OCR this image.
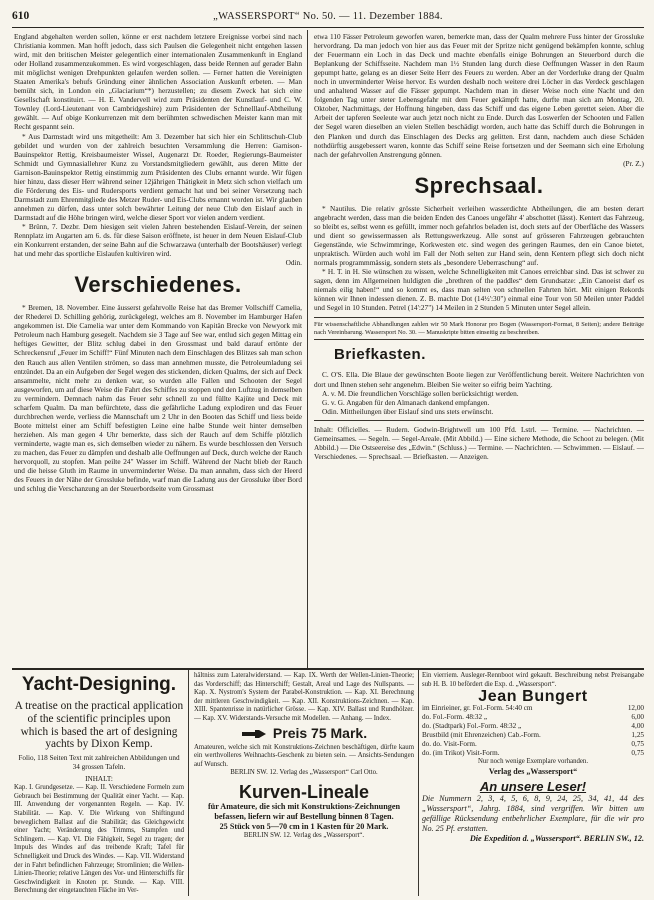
610	„WASSERSPORT“ No. 50. — 11. Dezember 1884.

England abgehalten werden sollen, könne er erst nachdem letztere Ereignisse vorbei sind nach Christiania kommen. Man hofft jedoch, dass sich Paulsen die Gelegenheit nicht entgehen lassen wird, mit den britischen Meister gelegentlich einer internationalen Zusammenkunft in England oder Holland zusammenzukommen. Es wird vorgeschlagen, dass beide Rennen auf gerader Bahn mit möglichst wenigen Drehpunkten gelaufen werden sollen. — Ferner hatten die Vereinigten Staaten Amerika's behufs Gründung einer ähnlichen Association Auskunft erbeten. — Man bemüht sich, in London ein „Glaciarium“*) herzustellen; zu diesem Zweck hat sich eine Gesellschaft konstituirt. — H. E. Vandervell wird zum Präsidenten der Kunstlauf- und C. W. Townley (Lord-Lieutenant von Cambridgeshire) zum Präsidenten der Schnelllauf-Abtheilung gewählt. — Auf obige Konkurrenzen mit dem berühmten schwedischen Meister kann man mit Recht gespannt sein.

* Aus Darmstadt wird uns mitgetheilt: Am 3. Dezember hat sich hier ein Schlittschuh-Club gebildet und wurden von der zahlreich besuchten Versammlung die Herren: Garnison-Bauinspektor Rettig, Kreisbaumeister Wissel, Augenarzt Dr. Roeder, Regierungs-Baumeister Schmidt und Gymnasiallehrer Kunz zu Vorstandsmitgliedern gewählt, aus deren Mitte der Garnison-Bauinspektor Rettig einstimmig zum Präsidenten des Clubs ernannt wurde. Wir fügen hier hinzu, dass dieser Herr während seiner 12jährigen Thätigkeit in Metz sich schon vielfach um die Förderung des Eis- und Rudersports verdient gemacht hat und bei seiner Versetzung nach Darmstadt zum Ehrenmitgliede des Metzer Ruder- und Eis-Clubs ernannt worden ist. Wir glauben annehmen zu dürfen, dass unter solch bewährter Leitung der neue Club den Eislauf auch in Darmstadt auf die Höhe bringen wird, welche dieser Sport vor vielen andern verdient.

* Brünn, 7. Dezbr. Dem hiesigen seit vielen Jahren bestehenden Eislauf-Verein, der seinen Rennplatz im Augarten am 6. ds. für diese Saison eröffnete, ist heuer in dem Neuen Eislauf-Club ein Konkurrent erstanden, der seine Bahn auf die Schwarzawa (unterhalb der Bootshäuser) verlegt hat und mehr das sportliche Eislaufen kultiviren wird.

Odin.
Verschiedenes.

* Bremen, 18. November. Eine äusserst gefahrvolle Reise hat das Bremer Vollschiff Camelia, der Rhederei D. Schilling gehörig, zurückgelegt, welches am 8. November im Hamburger Hafen angekommen ist. Die Camelia war unter dem Kommando von Kapitän Brecke von Newyork mit Petroleum nach Hamburg gesegelt. Nachdem sie 3 Tage auf See war, entlud sich gegen Mittag ein heftiges Gewitter, der Blitz schlug dabei in den Grossmast und bald darauf ertönte der Schreckensruf „Feuer im Schiff!“ Fünf Minuten nach dem Einschlagen des Blitzes sah man schon den Rauch aus allen Ventilen strömen, so dass man annehmen musste, die Petroleumladung sei entzündet. Da an ein Aufgeben der Segel wegen des stickenden, dicken Qualms, der sich auf Deck ansammelte, nicht mehr zu denken war, so wurden alle Fallen und Schooten der Segel ausgeworfen, um auf diese Weise die Fahrt des Schiffes zu stoppen und den Luftzug in demselben zu vermindern. Demnach nahm das Feuer sehr schnell zu und füllte Kajüte und Deck mit scharfem Qualm. Da man befürchtete, dass die gefährliche Ladung explodiren und das Feuer durchbrechen werde, verliess die Mannschaft um 2 Uhr in den Booten das Schiff und liess beide Boote mittelst einer am Schiff befestigten Leine eine halbe Stunde weit hinter demselben herziehen. Als man gegen 4 Uhr bemerkte, dass sich der Rauch auf dem Schiffe plötzlich verminderte, wagte man es, sich demselben wieder zu nähern. Es wurde beschlossen den Versuch zu machen, das Feuer zu dämpfen und deshalb alle Oeffnungen auf Deck, durch welche der Rauch hervorquoll, zu stopfen. Man peilte 24" Wasser im Schiff. Während der Nacht blieb der Rauch und die heisse Gluth im Raume in unverminderter Weise. Da man annahm, dass sich der Heerd des Feuers in der Nähe der Grossluke befinde, warf man die Ladung aus der Grossluke über Bord und schlug die Verschanzung an der Steuerbordseite vom Grossmast

etwa 110 Fässer Petroleum geworfen waren, bemerkte man, dass der Qualm mehrere Fuss hinter der Grossluke hervordrang. Da man jedoch von hier aus das Feuer mit der Spritze nicht genügend bekämpfen konnte, schlug der Feuermann ein Loch in das Deck und machte ebenfalls einige Bohrungen an Steuerbord durch die Beplankung der Schiffsseite. Nachdem man 1½ Stunden lang durch diese Oeffnungen Wasser in den Raum gepumpt hatte, gelang es an dieser Seite Herr des Feuers zu werden. Aber an der Vorderluke drang der Qualm noch in unverminderter Weise hervor. Es wurden deshalb noch weitere drei Löcher in das Verdeck geschlagen und anhaltend Wasser auf die Fässer gepumpt. Nachdem man in dieser Weise noch eine Nacht und den folgenden Tag unter steter Lebensgefahr mit dem Feuer gekämpft hatte, durfte man sich am Montag, 20. Oktober, Nachmittags, der Hoffnung hingeben, dass das Schiff und das eigene Leben gerettet seien. Aber die Arbeit der tapferen Seeleute war auch jetzt noch nicht zu Ende. Durch das Loswerfen der Schooten und Fallen der Segel waren dieselben an vielen Stellen beschädigt worden, auch hatte das Schiff durch die Bohrungen in den Planken und durch das Einschlagen des Decks arg gelitten. Erst dann, nachdem auch diese Schäden nothdürftig ausgebessert waren, konnte das Schiff seine Reise fortsetzen und der Seemann sich eine Erholung nach der gefahrvollen Anstrengung gönnen.

(Pr. Z.)
Sprechsaal.

* Nautilus. Die relativ grösste Sicherheit verleihen wasserdichte Abtheilungen, die am besten derart angebracht werden, dass man die beiden Enden des Canoes ungefähr 4' abschottet (lässt). Kentert das Fahrzeug, so bleibt es, selbst wenn es gefüllt, immer noch gefahrlos beladen ist, doch stets auf der Oberfläche des Wassers und dient so gewissermassen als Rettungswerkzeug. Alle sonst auf grösseren Fahrzeugen gebrauchten Gegenstände, wie Schwimmringe, Korkwesten etc. sind wegen des geringen Raumes, den ein Canoe bietet, unpraktisch. Würden auch wohl im Fall der Noth selten zur Hand sein, denn Kentern pflegt sich doch nicht normals programmmässig, sondern stets als „besondere Ueberraschung“ auf.

* H. T. in H. Sie wünschen zu wissen, welche Schnelligkeiten mit Canoes erreichbar sind. Das ist schwer zu sagen, denn im Allgemeinen huldigten die „brethren of the paddles“ dem Grundsatze: „Ein Canoeist darf es niemals eilig haben!“ und so kommt es, dass man selten von schnellen Fahrten hört. Mit einigen Rekords können wir Ihnen indessen dienen. Z. B. machte Dot (14½':30") einmal eine Tour von 50 Meilen unter Paddel und Segel in 10 Stunden. Petrel (14':27") 14 Meilen in 2 Stunden 5 Minuten unter Segel allein.

Für wissenschaftliche Abhandlungen zahlen wir 50 Mark Honorar pro Bogen (Wassersport-Format, 8 Seiten); andere Beiträge nach Vereinbarung. Wassersport No. 30. — Manuskripte bitten einseitig zu beschreiben.
Briefkasten.

C. O'S. Ella. Die Blaue der gewünschten Boote liegen zur Veröffentlichung bereit. Weitere Nachrichten von dort und Ihnen stehen sehr angenehm. Bleiben Sie weiter so eifrig beim Yachting.

A. v. M. Die freundlichen Vorschläge sollen berücksichtigt werden.

G. v. G. Angaben für den Almanach dankend empfangen.

Odin. Mittheilungen über Eislauf sind uns stets erwünscht.

Inhalt: Officielles. — Rudern. Godwin-Brightwell um 100 Pfd. Lstrl. — Termine. — Nachrichten. — Gemeinsames. — Segeln. — Segel-Areale. (Mit Abbild.) — Eine sichere Methode, die Schoot zu belegen. (Mit Abbild.) — Die Ostseereise des „Edwin.“ (Schluss.) — Termine. — Nachrichten. — Schwimmen. — Eislauf. — Verschiedenes. — Sprechsaal. — Briefkasten. — Anzeigen.
Yacht-Designing.
A treatise on the practical application of the scientific principles upon which is based the art of designing yachts by Dixon Kemp.
Folio, 118 Seiten Text mit zahlreichen Abbildungen und 34 grossen Tafeln.
INHALT:
Kap. I. Grundgesetze. — Kap. II. Verschiedene Formeln zum Gebrauch bei Bestimmung der Qualität einer Yacht. — Kap. III. Anwendung der vorgenannten Regeln. — Kap. IV. Stabilität. — Kap. V. Die Wirkung von Shiftingund beweglichem Ballast auf die Stabilität; das Gleichgewicht einer Yacht; Veränderung des Trimms, Stampfen und Schlingern. — Kap. VI. Die Fähigkeit, Segel zu tragen; der Impuls des Windes auf das treibende Kraft; Tafel für Schnelligkeit und Druck des Windes. — Kap. VII. Widerstand der in Fahrt befindlichen Fahrzeuge; Stromlinien; die Wellen-Linien-Theorie; relative Längen des Vor- und Hinterschiffs für Geschwindigkeit in Knoten pr. Stunde. — Kap. VIII. Berechnung der eingetauchten Fläche im Ver-
hältniss zum Lateralwiderstand. — Kap. IX. Werth der Wellen-Linien-Theorie; das Vorderschiff; das Hinterschiff; Gestalt, Areal und Lage des Nullspants. — Kap. X. Nystrom's System der Parabel-Konstruktion. — Kap. XI. Berechnung der mittleren Geschwindigkeit. — Kap. XII. Konstruktions-Zeichnen. — Kap. XIII. Spantenrisse in natürlicher Grösse. — Kap. XIV. Ballast und Rundhölzer. — Kap. XV. Widerstands-Versuche mit Modellen. — Anhang. — Index.
Preis 75 Mark.
Amateuren, welche sich mit Konstruktions-Zeichnen beschäftigen, dürfte kaum ein werthvolleres Weihnachts-Geschenk zu bieten sein. — Ansichts-Sendungen auf Wunsch.
BERLIN SW. 12. Verlag des „Wassersport“ Carl Otto.
Kurven-Lineale
für Amateure, die sich mit Konstruktions-Zeichnungen befassen, liefern wir auf Bestellung binnen 8 Tagen.
25 Stück von 5—70 cm in 1 Kasten für 20 Mark.
BERLIN SW. 12. Verlag des „Wassersport“.
Ein vierriem. Ausleger-Rennboot wird gekauft. Beschreibung nebst Preisangabe sub H. B. 10 befördert die Exp. d. „Wassersport“.
Jean Bungert
im Einrieiner, gr. Fol.-Form. 54:40 cm	12,00
do. Fol.-Form. 48:32 „	6,00
do. (Stadtpark) Fol.-Form. 48:32 „	4,00
Brustbild (mit Ehrenzeichen) Cab.-Form.	1,25
do. do. Visit-Form.	0,75
do. (im Trikot) Visit-Form.	0,75
Nur noch wenige Exemplare vorhanden.
Verlag des „Wassersport“
An unsere Leser!
Die Nummern 2, 3, 4, 5, 6, 8, 9, 24, 25, 34, 41, 44 des „Wassersport“, Jahrg. 1884, sind vergriffen. Wir bitten um gefällige Rücksendung entbehrlicher Exemplare, für die wir pro No. 25 Pf. erstatten.
Die Expedition d. „Wassersport“. BERLIN SW., 12.
